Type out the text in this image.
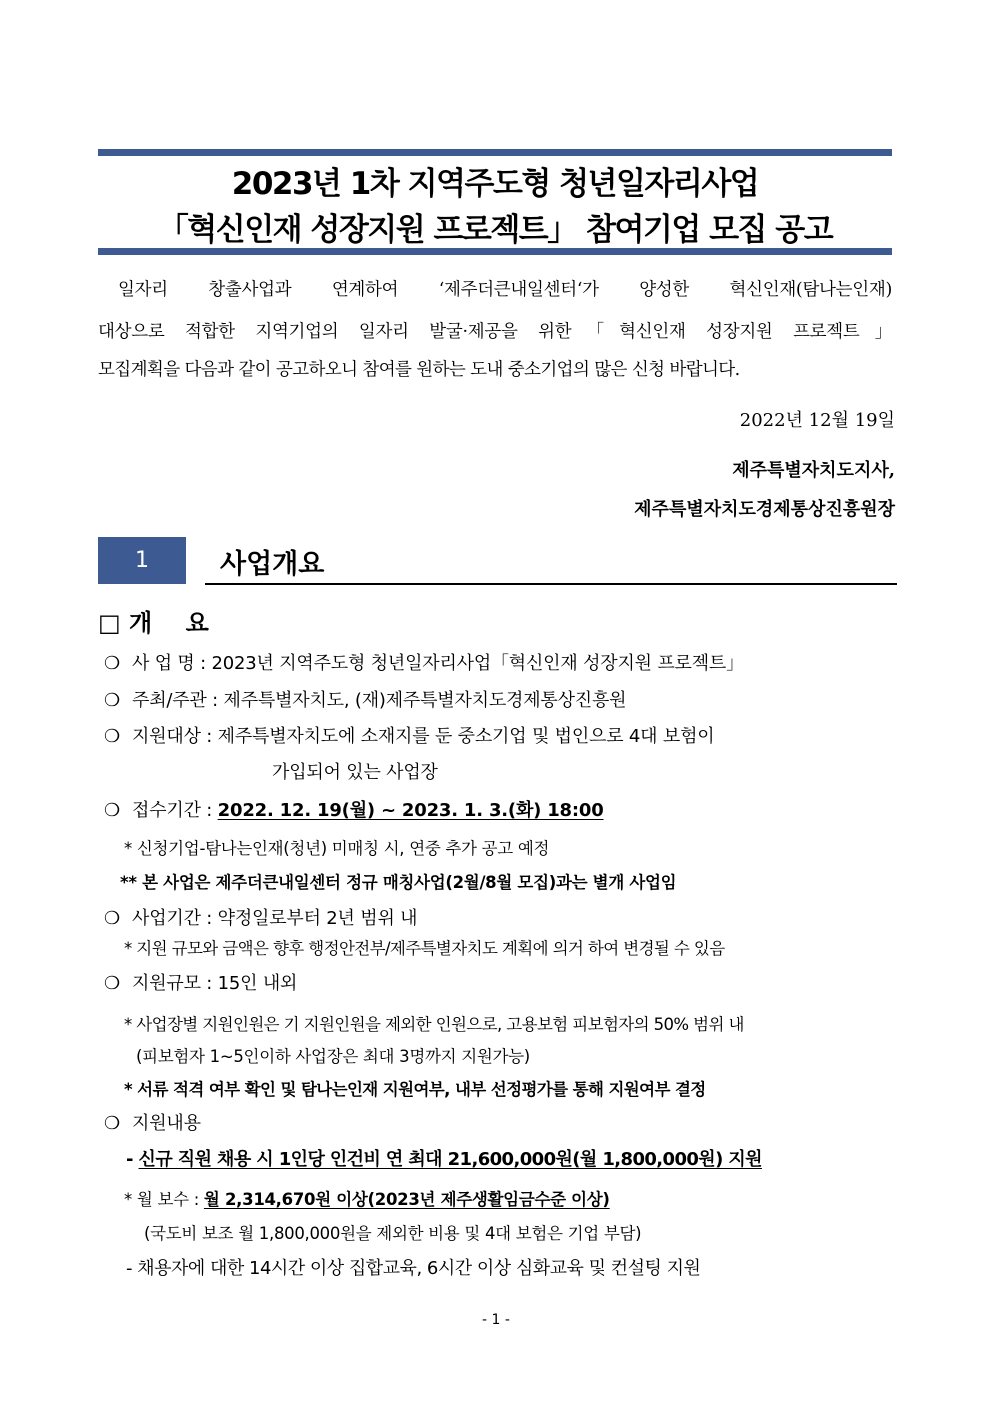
2023년 1차 지역주도형 청년일자리사업
「혁신인재 성장지원 프로젝트」 참여기업 모집 공고
일자리 창출사업과 연계하여 ‘제주더큰내일센터‘가 양성한 혁신인재(탐나는인재)
대상으로 적합한 지역기업의 일자리 발굴·제공을 위한「혁신인재 성장지원 프로젝트」
모집계획을 다음과 같이 공고하오니 참여를 원하는 도내 중소기업의 많은 신청 바랍니다.
2022년 12월 19일
제주특별자치도지사,
제주특별자치도경제통상진흥원장
1	사업개요
□ 개    요
❍ 사 업 명 : 2023년 지역주도형 청년일자리사업「혁신인재 성장지원 프로젝트」
❍ 주최/주관 : 제주특별자치도, (재)제주특별자치도경제통상진흥원
❍ 지원대상 : 제주특별자치도에 소재지를 둔 중소기업 및 법인으로 4대 보험이
가입되어 있는 사업장
❍ 접수기간 : 2022. 12. 19(월) ~ 2023. 1. 3.(화) 18:00
* 신청기업-탐나는인재(청년) 미매칭 시, 연중 추가 공고 예정
** 본 사업은 제주더큰내일센터 정규 매칭사업(2월/8월 모집)과는 별개 사업임
❍ 사업기간 : 약정일로부터 2년 범위 내
* 지원 규모와 금액은 향후 행정안전부/제주특별자치도 계획에 의거 하여 변경될 수 있음
❍ 지원규모 : 15인 내외
* 사업장별 지원인원은 기 지원인원을 제외한 인원으로, 고용보험 피보험자의 50% 범위 내
(피보험자 1~5인이하 사업장은 최대 3명까지 지원가능)
* 서류 적격 여부 확인 및 탐나는인재 지원여부, 내부 선정평가를 통해 지원여부 결정
❍ 지원내용
- 신규 직원 채용 시 1인당 인건비 연 최대 21,600,000원(월 1,800,000원) 지원
* 월 보수 : 월 2,314,670원 이상(2023년 제주생활임금수준 이상)
(국도비 보조 월 1,800,000원을 제외한 비용 및 4대 보험은 기업 부담)
- 채용자에 대한 14시간 이상 집합교육, 6시간 이상 심화교육 및 컨설팅 지원
- 1 -
